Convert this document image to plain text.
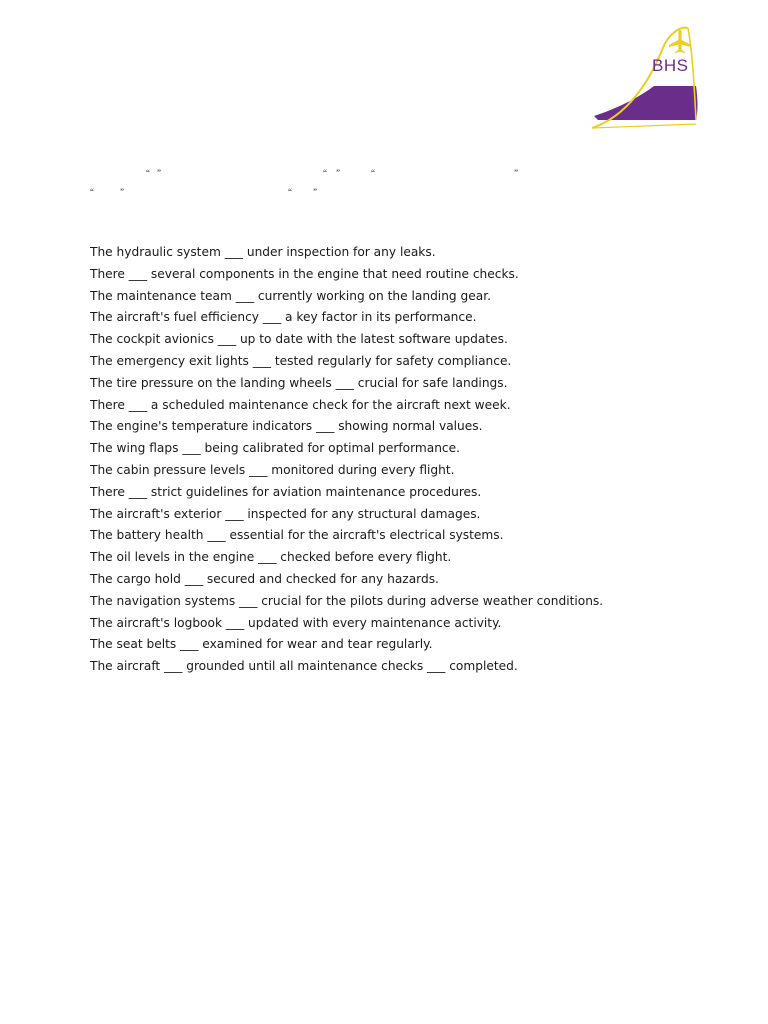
BHS
English for Aviation
“ ”	“ ”	“	”
“	”	“ ”
The hydraulic system ___ under inspection for any leaks.
There ___ several components in the engine that need routine checks.
The maintenance team ___ currently working on the landing gear.
The aircraft's fuel efficiency ___ a key factor in its performance.
The cockpit avionics ___ up to date with the latest software updates.
The emergency exit lights ___ tested regularly for safety compliance.
The tire pressure on the landing wheels ___ crucial for safe landings.
There ___ a scheduled maintenance check for the aircraft next week.
The engine's temperature indicators ___ showing normal values.
The wing flaps ___ being calibrated for optimal performance.
The cabin pressure levels ___ monitored during every flight.
There ___ strict guidelines for aviation maintenance procedures.
The aircraft's exterior ___ inspected for any structural damages.
The battery health ___ essential for the aircraft's electrical systems.
The oil levels in the engine ___ checked before every flight.
The cargo hold ___ secured and checked for any hazards.
The navigation systems ___ crucial for the pilots during adverse weather conditions.
The aircraft's logbook ___ updated with every maintenance activity.
The seat belts ___ examined for wear and tear regularly.
The aircraft ___ grounded until all maintenance checks ___ completed.
